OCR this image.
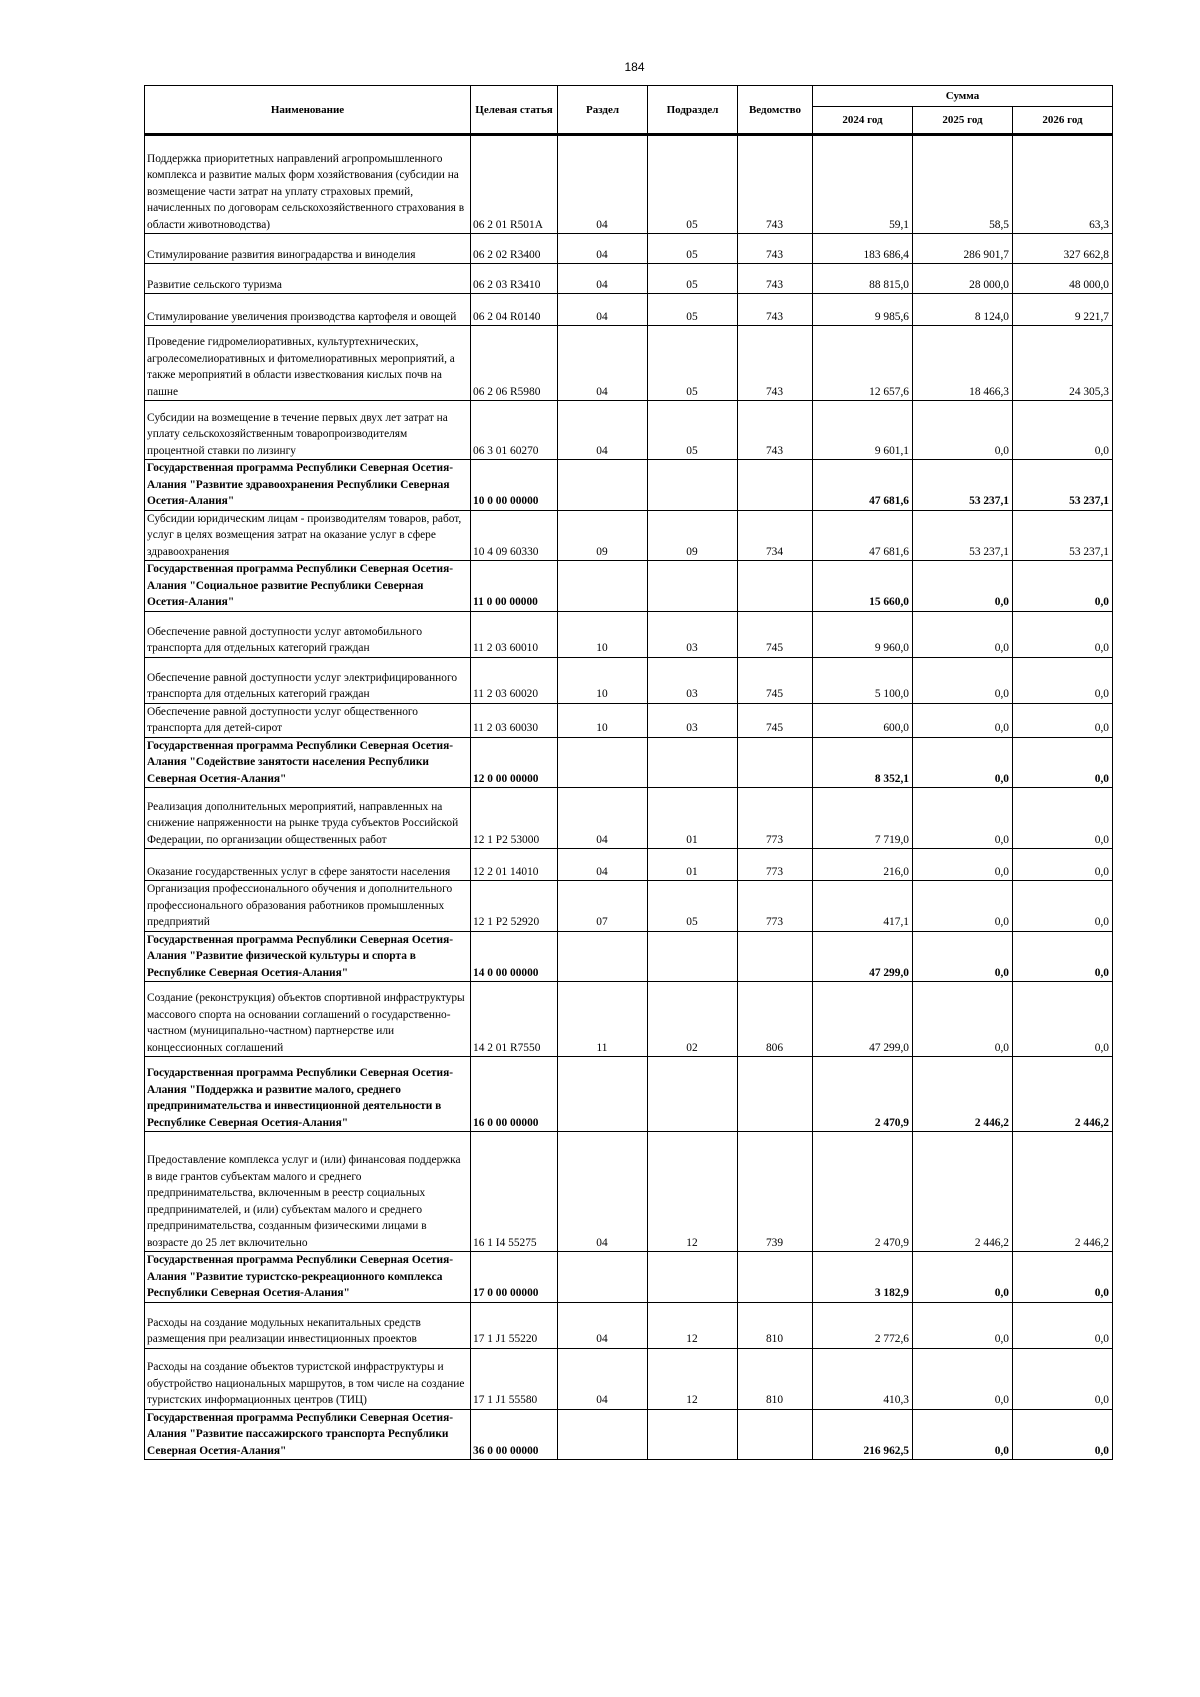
184
Наименование	Целевая статья	Раздел	Подраздел	Ведомство	Сумма		
					2024 год	2025 год	2026 год
Поддержка приоритетных направлений агропромышленного комплекса и развитие малых форм хозяйствования (субсидии на возмещение части затрат на уплату страховых премий, начисленных по договорам сельскохозяйственного страхования в области животноводства)	06 2 01 R501A	04	05	743	59,1	58,5	63,3
Стимулирование развития виноградарства и виноделия	06 2 02 R3400	04	05	743	183 686,4	286 901,7	327 662,8
Развитие сельского туризма	06 2 03 R3410	04	05	743	88 815,0	28 000,0	48 000,0
Стимулирование увеличения производства картофеля и овощей	06 2 04 R0140	04	05	743	9 985,6	8 124,0	9 221,7
Проведение гидромелиоративных, культуртехнических, агролесомелиоративных и фитомелиоративных мероприятий, а также мероприятий в области известкования кислых почв на пашне	06 2 06 R5980	04	05	743	12 657,6	18 466,3	24 305,3
Субсидии на возмещение в течение первых двух лет затрат на уплату сельскохозяйственным товаропроизводителям процентной ставки по лизингу	06 3 01 60270	04	05	743	9 601,1	0,0	0,0
Государственная программа Республики Северная Осетия-Алания "Развитие здравоохранения Республики Северная Осетия-Алания"	10 0 00 00000				47 681,6	53 237,1	53 237,1
Субсидии юридическим лицам - производителям товаров, работ, услуг в целях возмещения затрат на оказание услуг в сфере здравоохранения	10 4 09 60330	09	09	734	47 681,6	53 237,1	53 237,1
Государственная программа Республики Северная Осетия-Алания "Социальное развитие Республики Северная Осетия-Алания"	11 0 00 00000				15 660,0	0,0	0,0
Обеспечение равной доступности услуг автомобильного транспорта для отдельных категорий граждан	11 2 03 60010	10	03	745	9 960,0	0,0	0,0
Обеспечение равной доступности услуг электрифицированного транспорта для отдельных категорий граждан	11 2 03 60020	10	03	745	5 100,0	0,0	0,0
Обеспечение равной доступности услуг общественного транспорта для детей-сирот	11 2 03 60030	10	03	745	600,0	0,0	0,0
Государственная программа Республики Северная Осетия-Алания "Содействие занятости населения Республики Северная Осетия-Алания"	12 0 00 00000				8 352,1	0,0	0,0
Реализация дополнительных мероприятий, направленных на снижение напряженности на рынке труда субъектов Российской Федерации, по организации общественных работ	12 1 P2 53000	04	01	773	7 719,0	0,0	0,0
Оказание государственных услуг в сфере занятости населения	12 2 01 14010	04	01	773	216,0	0,0	0,0
Организация профессионального обучения и дополнительного профессионального образования работников промышленных предприятий	12 1 P2 52920	07	05	773	417,1	0,0	0,0
Государственная программа Республики Северная Осетия-Алания "Развитие физической культуры и спорта в Республике Северная Осетия-Алания"	14 0 00 00000				47 299,0	0,0	0,0
Создание (реконструкция) объектов спортивной инфраструктуры массового спорта на основании соглашений о государственно-частном (муниципально-частном) партнерстве или концессионных соглашений	14 2 01 R7550	11	02	806	47 299,0	0,0	0,0
Государственная программа Республики Северная Осетия-Алания "Поддержка и развитие малого, среднего предпринимательства и инвестиционной деятельности в Республике Северная Осетия-Алания"	16 0 00 00000				2 470,9	2 446,2	2 446,2
Предоставление комплекса услуг и (или) финансовая поддержка в виде грантов субъектам малого и среднего предпринимательства, включенным в реестр социальных предпринимателей, и (или) субъектам малого и среднего предпринимательства, созданным физическими лицами в возрасте до 25 лет включительно	16 1 I4 55275	04	12	739	2 470,9	2 446,2	2 446,2
Государственная программа Республики Северная Осетия-Алания "Развитие туристско-рекреационного комплекса Республики Северная Осетия-Алания"	17 0 00 00000				3 182,9	0,0	0,0
Расходы на создание модульных некапитальных средств размещения при реализации инвестиционных проектов	17 1 J1 55220	04	12	810	2 772,6	0,0	0,0
Расходы на создание объектов туристской инфраструктуры и обустройство национальных маршрутов, в том числе на создание туристских информационных центров (ТИЦ)	17 1 J1 55580	04	12	810	410,3	0,0	0,0
Государственная программа Республики Северная Осетия-Алания "Развитие пассажирского транспорта Республики Северная Осетия-Алания"	36 0 00 00000				216 962,5	0,0	0,0
